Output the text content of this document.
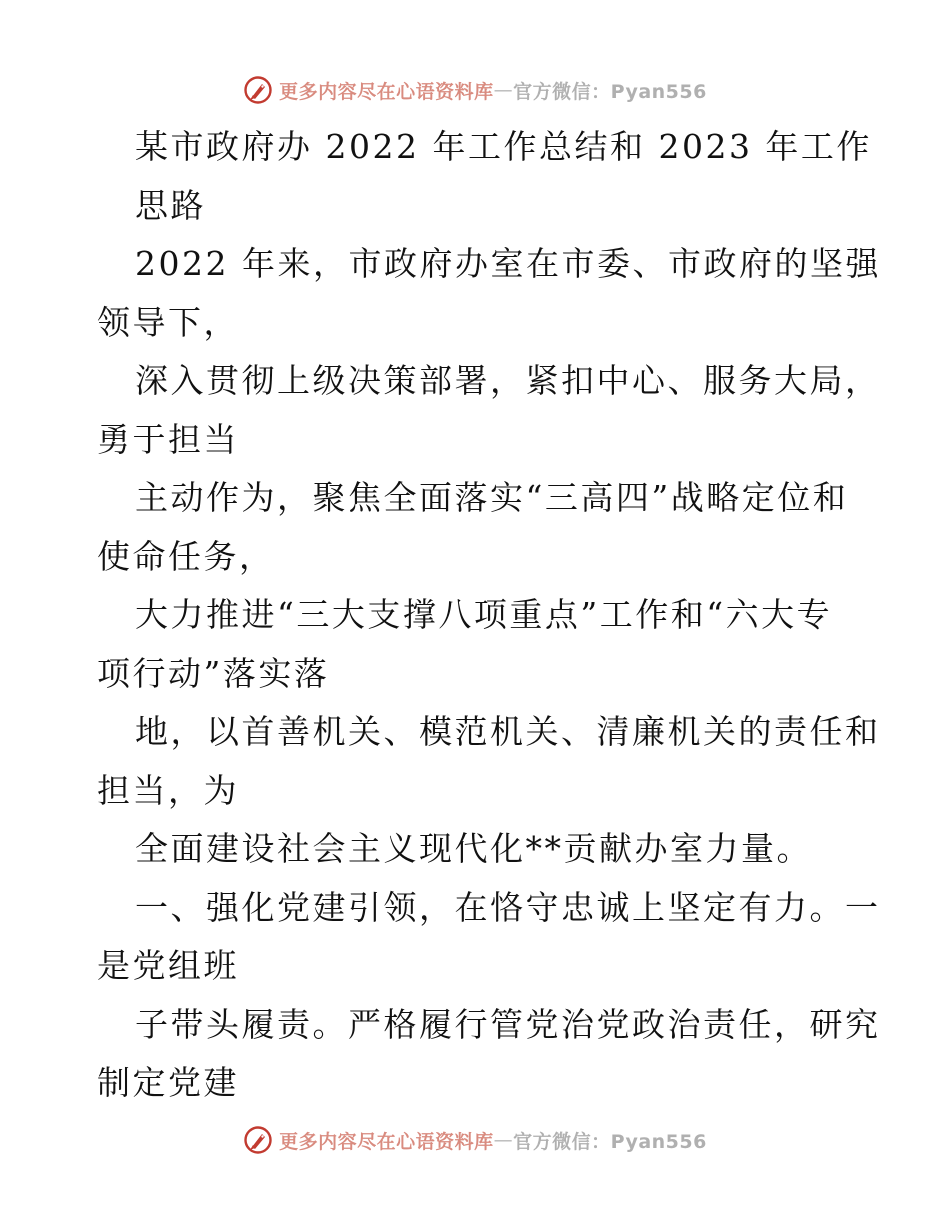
更多内容尽在心语资料库 — 官方微信：Pyan556
某市政府办 2022 年工作总结和 2023 年工作
思路
2022 年来，市政府办室在市委、市政府的坚强
领导下，
深入贯彻上级决策部署，紧扣中心、服务大局，
勇于担当
主动作为，聚焦全面落实“三高四”战略定位和
使命任务，
大力推进“三大支撑八项重点”工作和“六大专
项行动”落实落
地，以首善机关、模范机关、清廉机关的责任和
担当，为
全面建设社会主义现代化**贡献办室力量。
一、强化党建引领，在恪守忠诚上坚定有力。一
是党组班
子带头履责。严格履行管党治党政治责任，研究
制定党建
更多内容尽在心语资料库 — 官方微信：Pyan556
